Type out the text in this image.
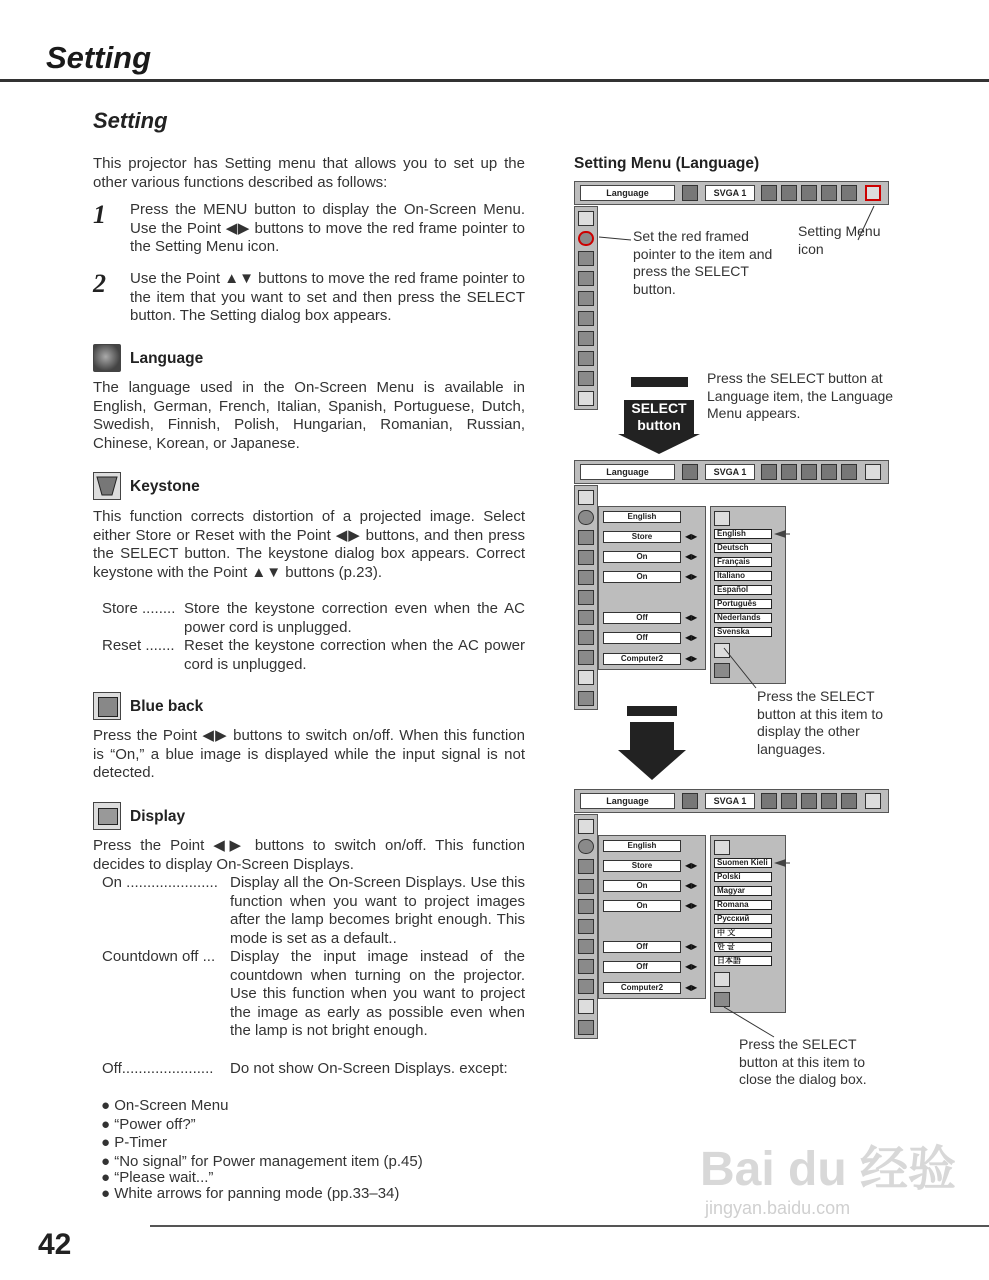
Setting
Setting
This projector has Setting menu that allows you to set up the other various functions described as follows:
1 Press the MENU button to display the On-Screen Menu. Use the Point ◀▶ buttons to move the red frame pointer to the Setting Menu icon.
2 Use the Point ▲▼ buttons to move the red frame pointer to the item that you want to set and then press the SELECT button. The Setting dialog box appears.
Language
The language used in the On-Screen Menu is available in English, German, French, Italian, Spanish, Portuguese, Dutch, Swedish, Finnish, Polish, Hungarian, Romanian, Russian, Chinese, Korean, or Japanese.
Keystone
This function corrects distortion of a projected image. Select either Store or Reset with the Point ◀▶ buttons, and then press the SELECT button. The keystone dialog box appears. Correct keystone with the Point ▲▼ buttons (p.23).
Store ........ Store the keystone correction even when the AC power cord is unplugged.
Reset ....... Reset the keystone correction when the AC power cord is unplugged.
Blue back
Press the Point ◀▶ buttons to switch on/off. When this function is “On,” a blue image is displayed while the input signal is not detected.
Display
Press the Point ◀▶ buttons to switch on/off. This function decides to display On-Screen Displays.
On ...................... Display all the On-Screen Displays. Use this function when you want to project images after the lamp becomes bright enough. This mode is set as a default..
Countdown off ... Display the input image instead of the countdown when turning on the projector. Use this function when you want to project the image as early as possible even when the lamp is not bright enough.
Off...................... Do not show On-Screen Displays. except:
● On-Screen Menu
● “Power off?”
● P-Timer
● “No signal” for Power management item (p.45)
● “Please wait...”
● White arrows for panning mode (pp.33–34)
Setting Menu (Language)
Language	SVGA 1
Set the red framed pointer to the item and press the SELECT button.
Setting Menu icon
Press the SELECT button at Language item, the Language Menu appears.
SELECT
button
Language	SVGA 1
English
Store	◀▶
On	◀▶
On	◀▶
Off	◀▶
Off	◀▶
Computer2	◀▶
English
Deutsch
Français
Italiano
Español
Português
Nederlands
Svenska
Press the SELECT button at this item to display the other languages.
Language	SVGA 1
English
Store	◀▶
On	◀▶
On	◀▶
Off	◀▶
Off	◀▶
Computer2	◀▶
Suomen Kieli
Polski
Magyar
Romana
Русский
中 文
한 글
日本語
Press the SELECT button at this item to close the dialog box.
Bai du 经验
jingyan.baidu.com
42
